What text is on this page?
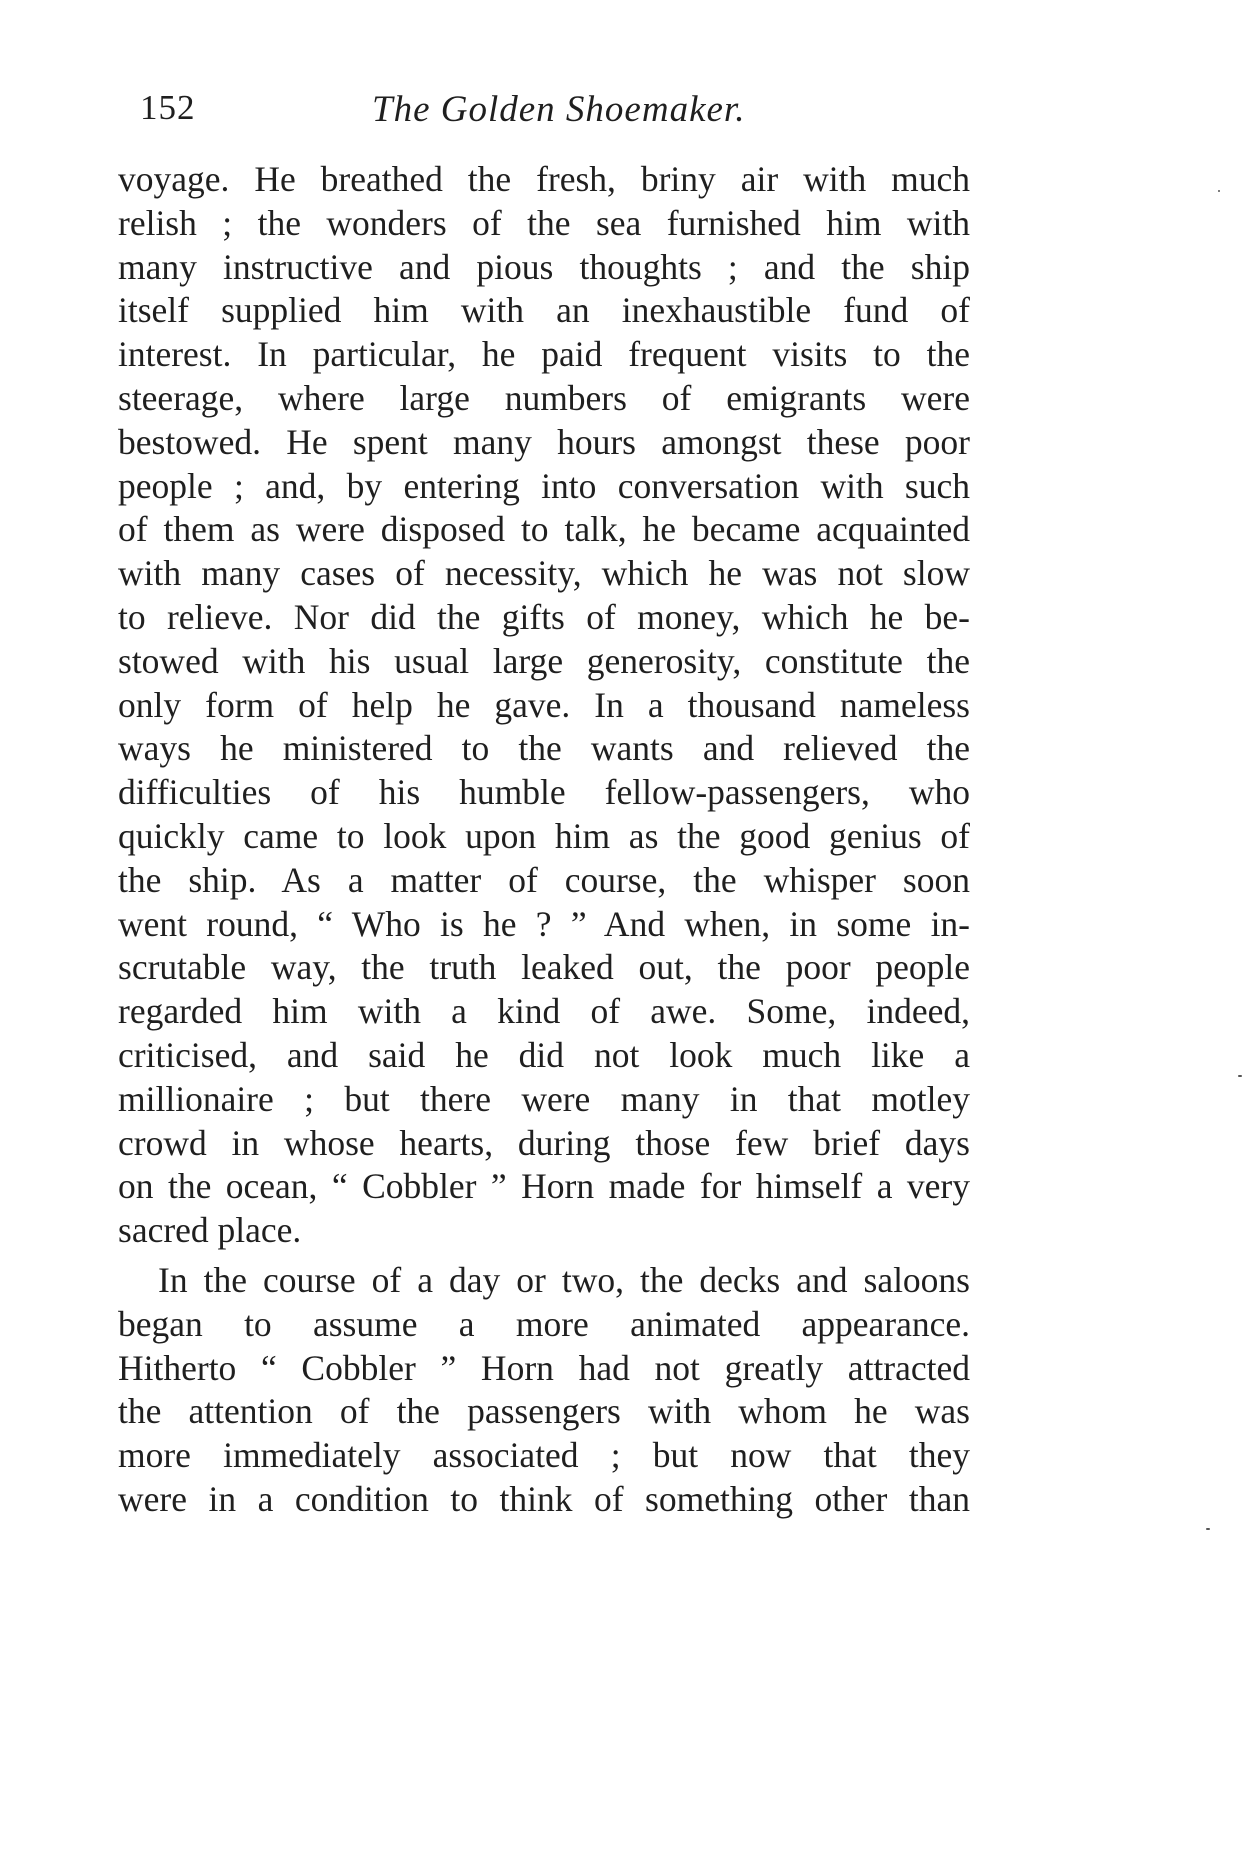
152	The Golden Shoemaker.
voyage. He breathed the fresh, briny air with much
relish ; the wonders of the sea furnished him with
many instructive and pious thoughts ; and the ship
itself supplied him with an inexhaustible fund of
interest. In particular, he paid frequent visits to the
steerage, where large numbers of emigrants were
bestowed. He spent many hours amongst these poor
people ; and, by entering into conversation with such
of them as were disposed to talk, he became acquainted
with many cases of necessity, which he was not slow
to relieve. Nor did the gifts of money, which he be-
stowed with his usual large generosity, constitute the
only form of help he gave. In a thousand nameless
ways he ministered to the wants and relieved the
difficulties of his humble fellow-passengers, who
quickly came to look upon him as the good genius of
the ship. As a matter of course, the whisper soon
went round, “ Who is he ? ” And when, in some in-
scrutable way, the truth leaked out, the poor people
regarded him with a kind of awe. Some, indeed,
criticised, and said he did not look much like a
millionaire ; but there were many in that motley
crowd in whose hearts, during those few brief days
on the ocean, “ Cobbler ” Horn made for himself a very
sacred place.
In the course of a day or two, the decks and saloons
began to assume a more animated appearance.
Hitherto “ Cobbler ” Horn had not greatly attracted
the attention of the passengers with whom he was
more immediately associated ; but now that they
were in a condition to think of something other than
